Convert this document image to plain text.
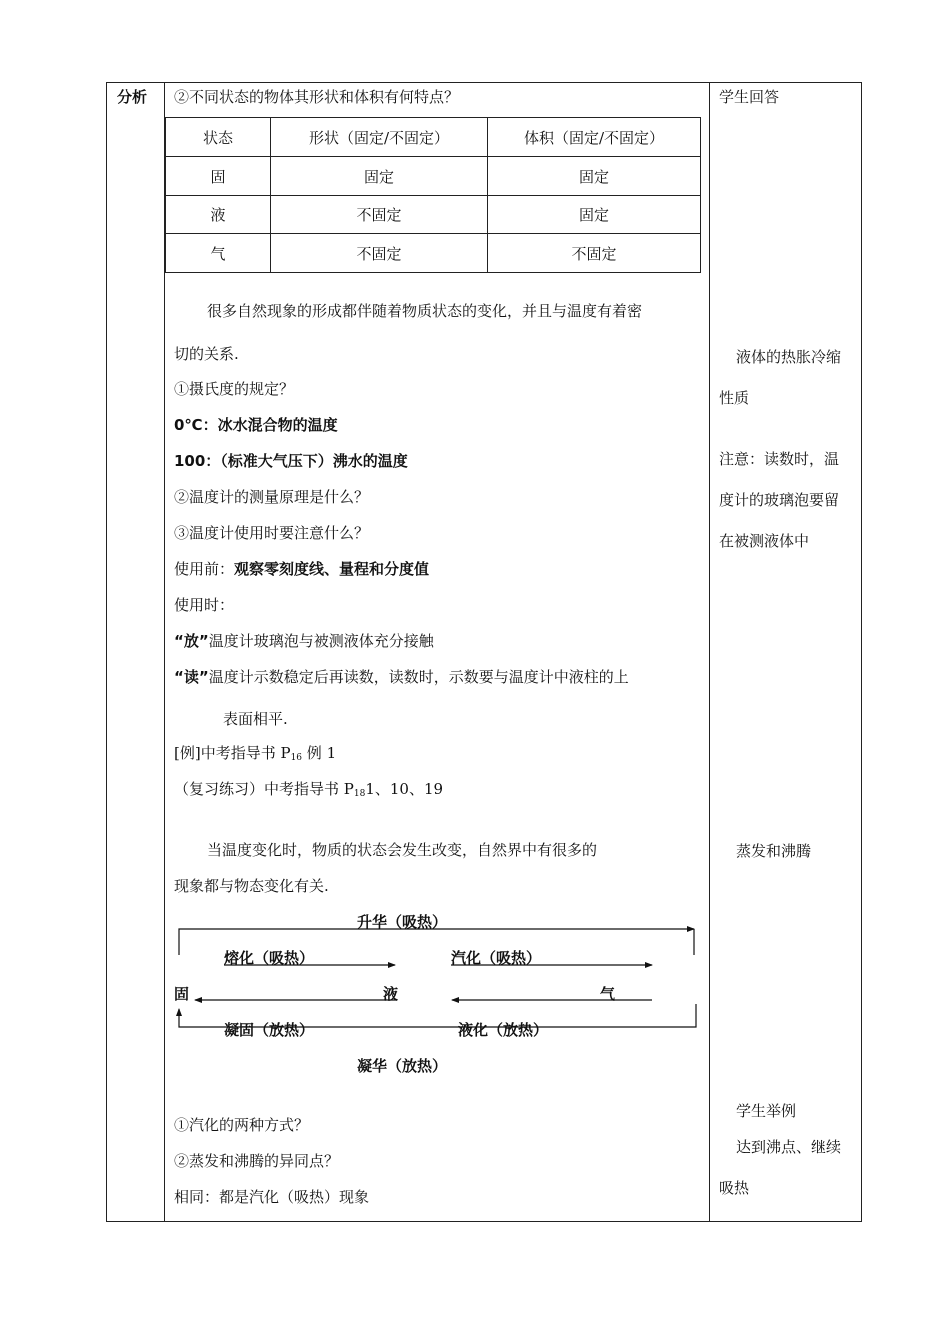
分析 ②不同状态的物体其形状和体积有何特点？
状态	形状（固定/不固定）	体积（固定/不固定）
固	固定	固定
液	不固定	固定
气	不固定	不固定
很多自然现象的形成都伴随着物质状态的变化，并且与温度有着密
切的关系.
①摄氏度的规定？
0℃：冰水混合物的温度
100：（标准大气压下）沸水的温度
②温度计的测量原理是什么？
③温度计使用时要注意什么？
使用前：观察零刻度线、量程和分度值
使用时：
“放”温度计玻璃泡与被测液体充分接触
“读”温度计示数稳定后再读数，读数时，示数要与温度计中液柱的上
表面相平.
[例]中考指导书 $P_{16}$ 例 1
（复习练习）中考指导书 $P_{18}1$、10、19
当温度变化时，物质的状态会发生改变，自然界中有很多的
现象都与物态变化有关.
升华（吸热）
熔化（吸热）	汽化（吸热）
固	液	气
凝固（放热）	液化（放热）
凝华（放热）
①汽化的两种方式？
②蒸发和沸腾的异同点？
相同：都是汽化（吸热）现象
学生回答
液体的热胀冷缩
性质
注意：读数时，温
度计的玻璃泡要留
在被测液体中
蒸发和沸腾
学生举例
达到沸点、继续
吸热
